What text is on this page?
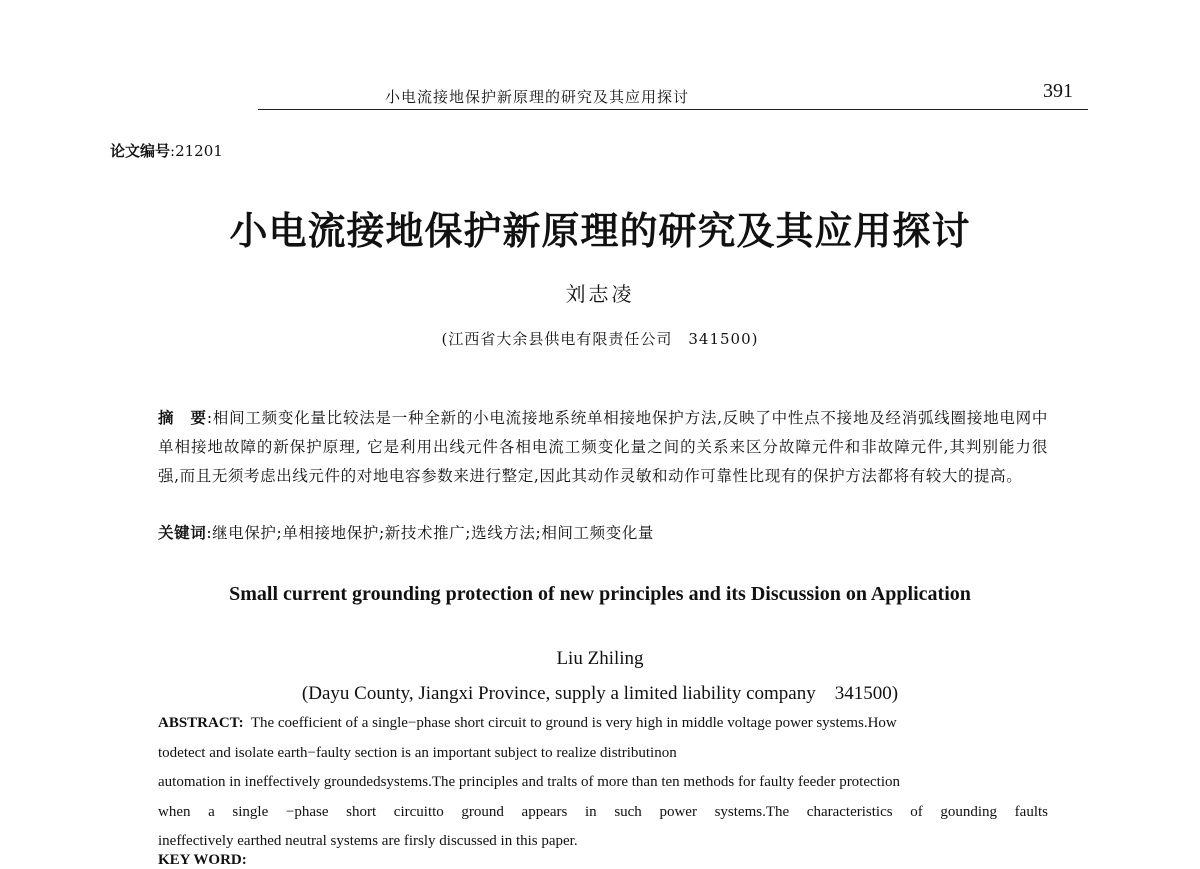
小电流接地保护新原理的研究及其应用探讨	391
论文编号:21201
小电流接地保护新原理的研究及其应用探讨
刘志凌
(江西省大余县供电有限责任公司　341500)
摘　要:相间工频变化量比较法是一种全新的小电流接地系统单相接地保护方法,反映了中性点不接地及经消弧线圈接地电网中单相接地故障的新保护原理, 它是利用出线元件各相电流工频变化量之间的关系来区分故障元件和非故障元件,其判别能力很强,而且无须考虑出线元件的对地电容参数来进行整定,因此其动作灵敏和动作可靠性比现有的保护方法都将有较大的提高。
关键词:继电保护;单相接地保护;新技术推广;选线方法;相间工频变化量
Small current grounding protection of new principles and its Discussion on Application
Liu Zhiling
(Dayu County, Jiangxi Province, supply a limited liability company　341500)
ABSTRACT: The coefficient of a single−phase short circuit to ground is very high in middle voltage power systems.How
todetect and isolate earth−faulty section is an important subject to realize distributinon
automation in ineffectively groundedsystems.The principles and tralts of more than ten methods for faulty feeder protection
when a single −phase short circuitto ground appears in such power systems.The characteristics of gounding faults
ineffectively earthed neutral systems are firsly discussed in this paper.
KEY WORD:
